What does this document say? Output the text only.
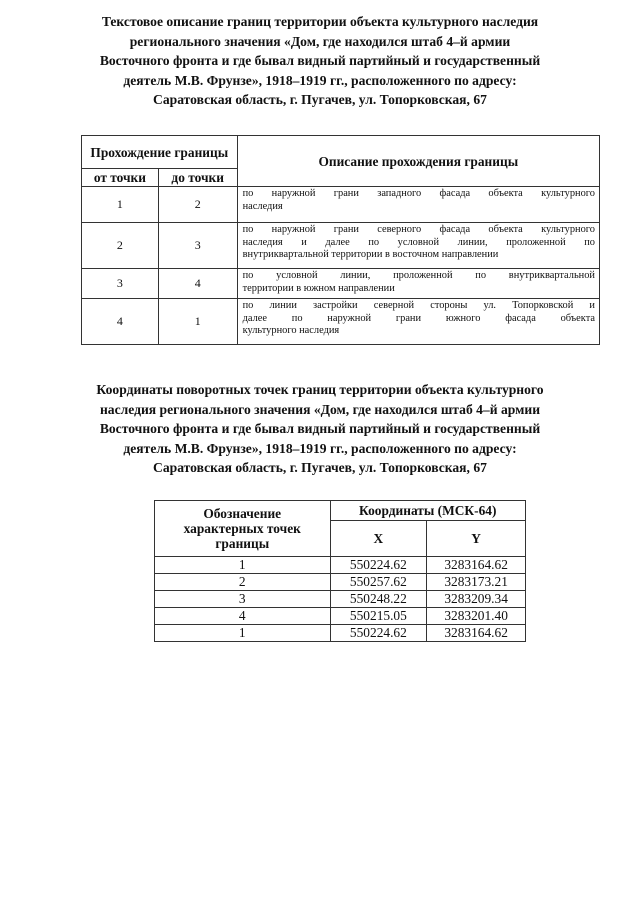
Текстовое описание границ территории объекта культурного наследия
регионального значения «Дом, где находился штаб 4–й армии
Восточного фронта и где бывал видный партийный и государственный
деятель М.В. Фрунзе», 1918–1919 гг., расположенного по адресу:
Саратовская область, г. Пугачев, ул. Топорковская, 67
Прохождение границы		Описание прохождения границы
от точки	до точки	
1	2	по наружной грани западного фасада объекта культурного
наследия

2	3	по наружной грани северного фасада объекта культурного
наследия и далее по условной линии, проложенной по
внутриквартальной территории в восточном направлении

3	4	по условной линии, проложенной по внутриквартальной
территории в южном направлении

4	1	по линии застройки северной стороны ул. Топорковской и
далее по наружной грани южного фасада объекта
культурного наследия
Координаты поворотных точек границ территории объекта культурного
наследия регионального значения «Дом, где находился штаб 4–й армии
Восточного фронта и где бывал видный партийный и государственный
деятель М.В. Фрунзе», 1918–1919 гг., расположенного по адресу:
Саратовская область, г. Пугачев, ул. Топорковская, 67
Обозначение характерных точек границы	Координаты (МСК-64)	
	X	Y
1	550224.62	3283164.62
2	550257.62	3283173.21
3	550248.22	3283209.34
4	550215.05	3283201.40
1	550224.62	3283164.62
